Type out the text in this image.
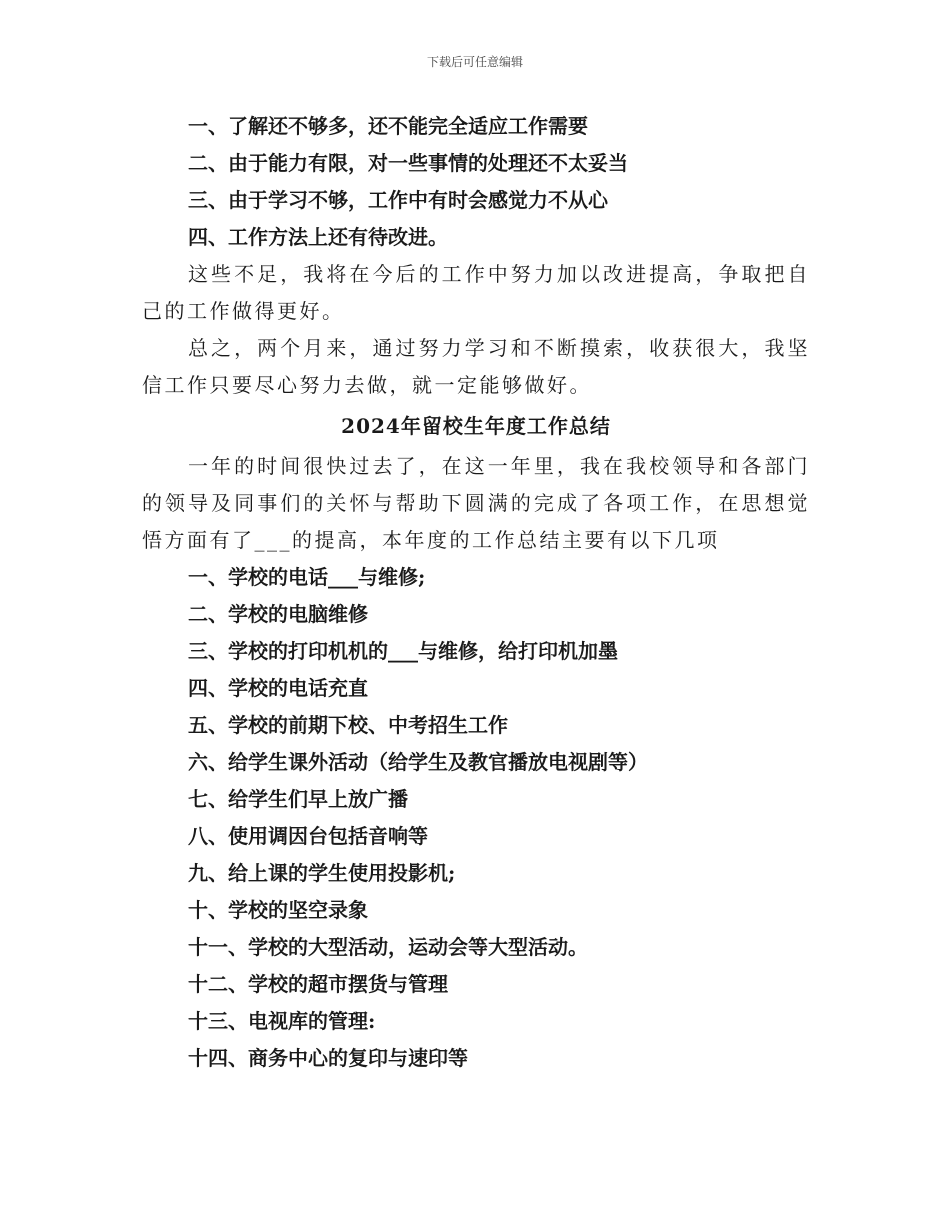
下载后可任意编辑
一、了解还不够多，还不能完全适应工作需要
二、由于能力有限，对一些事情的处理还不太妥当
三、由于学习不够，工作中有时会感觉力不从心
四、工作方法上还有待改进。
这些不足，我将在今后的工作中努力加以改进提高，争取把自己的工作做得更好。
总之，两个月来，通过努力学习和不断摸索，收获很大，我坚信工作只要尽心努力去做，就一定能够做好。
2024年留校生年度工作总结
一年的时间很快过去了，在这一年里，我在我校领导和各部门的领导及同事们的关怀与帮助下圆满的完成了各项工作，在思想觉悟方面有了___的提高，本年度的工作总结主要有以下几项
一、学校的电话___与维修;
二、学校的电脑维修
三、学校的打印机机的___与维修，给打印机加墨
四、学校的电话充直
五、学校的前期下校、中考招生工作
六、给学生课外活动（给学生及教官播放电视剧等）
七、给学生们早上放广播
八、使用调因台包括音响等
九、给上课的学生使用投影机;
十、学校的坚空录象
十一、学校的大型活动，运动会等大型活动。
十二、学校的超市摆货与管理
十三、电视库的管理:
十四、商务中心的复印与速印等
